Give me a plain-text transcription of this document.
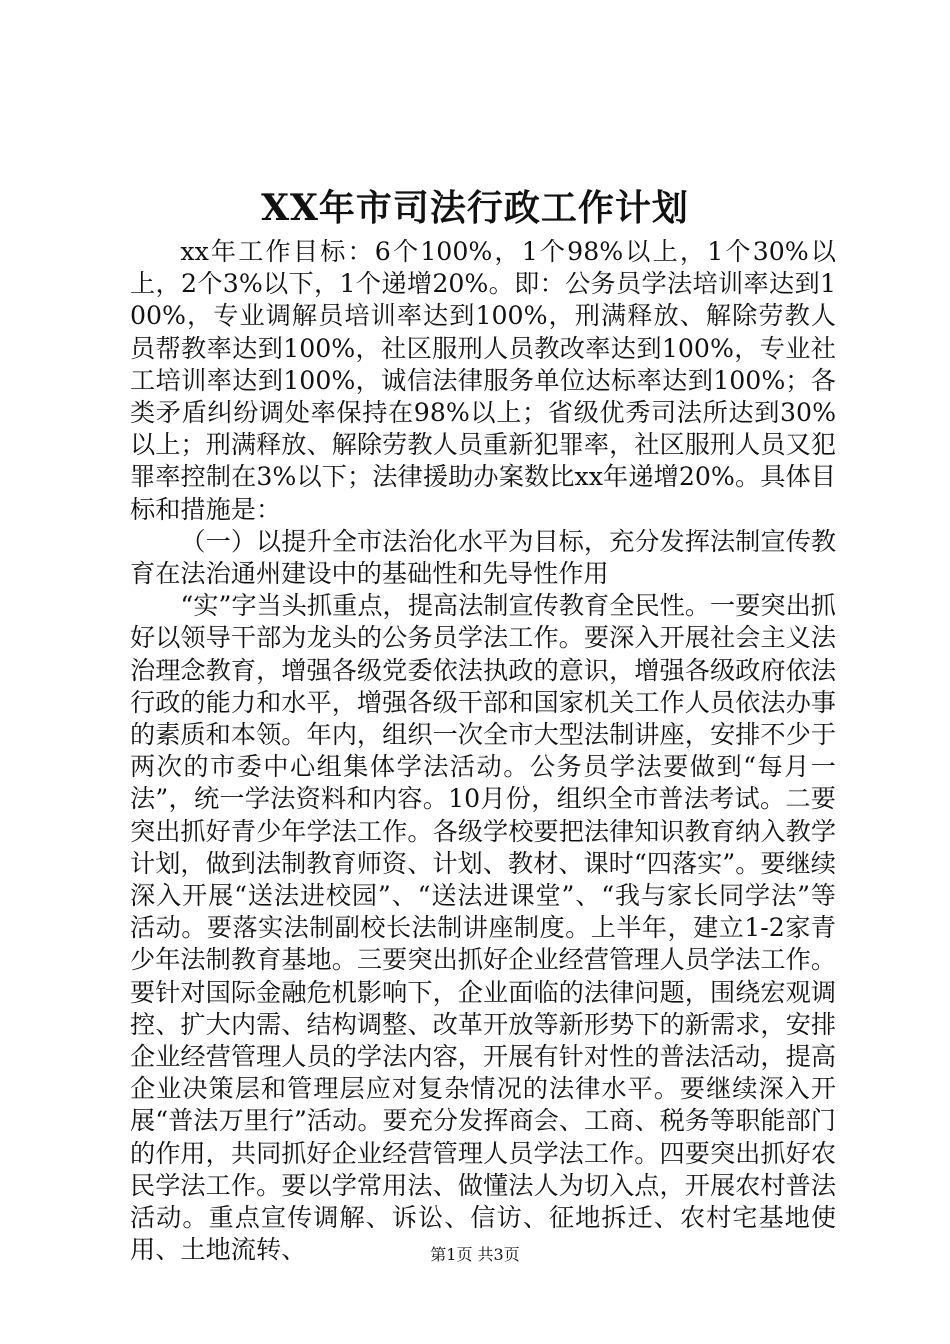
XX年市司法行政工作计划

xx年工作目标：6个100%，1个98%以上，1个30%以上，2个3%以下，1个递增20%。即：公务员学法培训率达到100%，专业调解员培训率达到100%，刑满释放、解除劳教人员帮教率达到100%，社区服刑人员教改率达到100%，专业社工培训率达到100%，诚信法律服务单位达标率达到100%；各类矛盾纠纷调处率保持在98%以上；省级优秀司法所达到30%以上；刑满释放、解除劳教人员重新犯罪率，社区服刑人员又犯罪率控制在3%以下；法律援助办案数比xx年递增20%。具体目标和措施是：

（一）以提升全市法治化水平为目标，充分发挥法制宣传教育在法治通州建设中的基础性和先导性作用

“实”字当头抓重点，提高法制宣传教育全民性。一要突出抓好以领导干部为龙头的公务员学法工作。要深入开展社会主义法治理念教育，增强各级党委依法执政的意识，增强各级政府依法行政的能力和水平，增强各级干部和国家机关工作人员依法办事的素质和本领。年内，组织一次全市大型法制讲座，安排不少于两次的市委中心组集体学法活动。公务员学法要做到“每月一法”，统一学法资料和内容。10月份，组织全市普法考试。二要突出抓好青少年学法工作。各级学校要把法律知识教育纳入教学计划，做到法制教育师资、计划、教材、课时“四落实”。要继续深入开展“送法进校园”、“送法进课堂”、“我与家长同学法”等活动。要落实法制副校长法制讲座制度。上半年，建立1-2家青少年法制教育基地。三要突出抓好企业经营管理人员学法工作。要针对国际金融危机影响下，企业面临的法律问题，围绕宏观调控、扩大内需、结构调整、改革开放等新形势下的新需求，安排企业经营管理人员的学法内容，开展有针对性的普法活动，提高企业决策层和管理层应对复杂情况的法律水平。要继续深入开展“普法万里行”活动。要充分发挥商会、工商、税务等职能部门的作用，共同抓好企业经营管理人员学法工作。四要突出抓好农民学法工作。要以学常用法、做懂法人为切入点，开展农村普法活动。重点宣传调解、诉讼、信访、征地拆迁、农村宅基地使用、土地流转、	第1页 共3页
